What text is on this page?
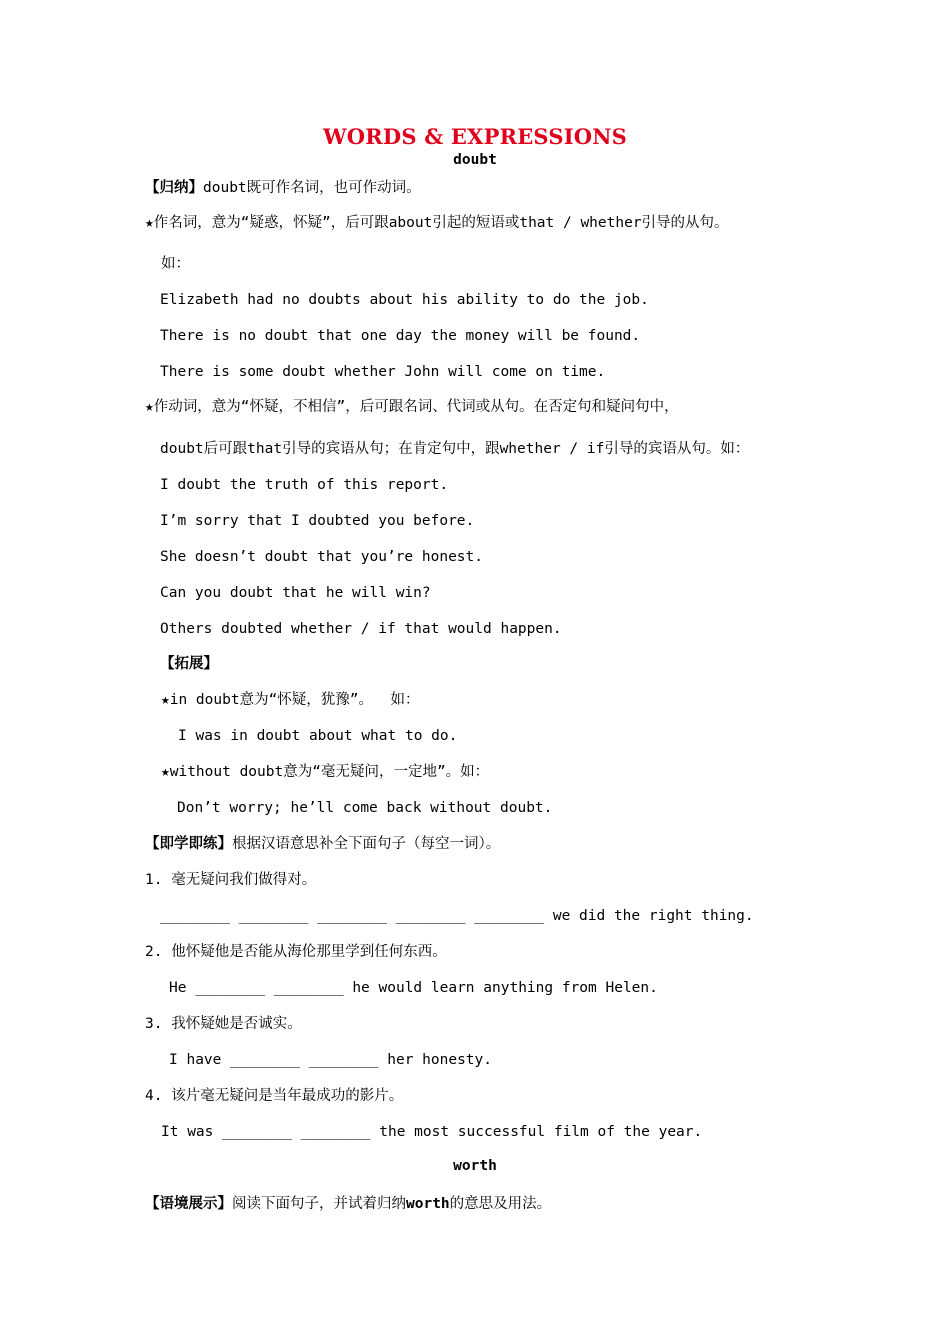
WORDS & EXPRESSIONS
doubt
【归纳】doubt既可作名词，也可作动词。
★作名词，意为“疑惑，怀疑”，后可跟about引起的短语或that / whether引导的从句。
如：
Elizabeth had no doubts about his ability to do the job.
There is no doubt that one day the money will be found.
There is some doubt whether John will come on time.
★作动词，意为“怀疑，不相信”，后可跟名词、代词或从句。在否定句和疑问句中，
doubt后可跟that引导的宾语从句；在肯定句中，跟whether / if引导的宾语从句。如：
I doubt the truth of this report.
I’m sorry that I doubted you before.
She doesn’t doubt that you’re honest.
Can you doubt that he will win?
Others doubted whether / if that would happen.
【拓展】
★in doubt意为“怀疑，犹豫”。  如：
I was in doubt about what to do.
★without doubt意为“毫无疑问，一定地”。如：
Don’t worry; he’ll come back without doubt.
【即学即练】根据汉语意思补全下面句子（每空一词）。
1. 毫无疑问我们做得对。
________ ________ ________ ________ ________ we did the right thing.
2. 他怀疑他是否能从海伦那里学到任何东西。
He ________ ________ he would learn anything from Helen.
3. 我怀疑她是否诚实。
I have ________ ________ her honesty.
4. 该片毫无疑问是当年最成功的影片。
It was ________ ________ the most successful film of the year.
worth
【语境展示】阅读下面句子，并试着归纳worth的意思及用法。
